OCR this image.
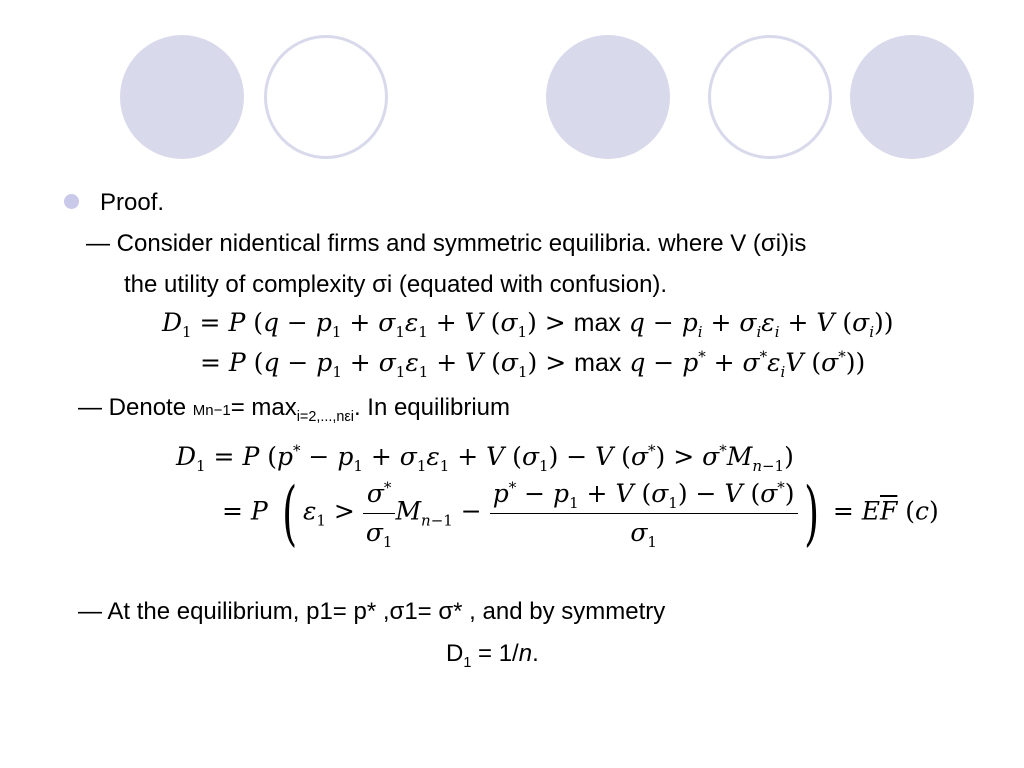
Proof.
— Consider nidentical firms and symmetric equilibria. where V (σi)is
the utility of complexity σi (equated with confusion).
$D_1 = P$ ($q - p_1 + \sigma_1\varepsilon_1 + V$ $(\sigma_1) > \max q - p_i + \sigma_i\varepsilon_i + V$ $(\sigma_i)$)
= P ($q - p_1 + \sigma_1\varepsilon_1 + V$ $(\sigma_1) > \max q - p^* + \sigma^*\varepsilon_iV$ (σ*))
— Denote $Mn-1= \max_{i=2,...,n\varepsilon i}$. In equilibrium
$D_1 = P$ ($p^* - p_1 + \sigma_1\varepsilon_1 + V$ $(\sigma_1) - V$ $(\sigma^*) > \sigma^*M_{n-1}$)
= P ( $\varepsilon_1 > \frac{\sigma^*}{\sigma_1} M_{n-1} - \frac{p^* - p_1 + V (\sigma_1) - V (\sigma^*)}{\sigma_1}$ ) = $E\overline{F}$ (c)
— At the equilibrium, p1= p* ,σ1= σ* , and by symmetry
$D_1 = 1/n$.
